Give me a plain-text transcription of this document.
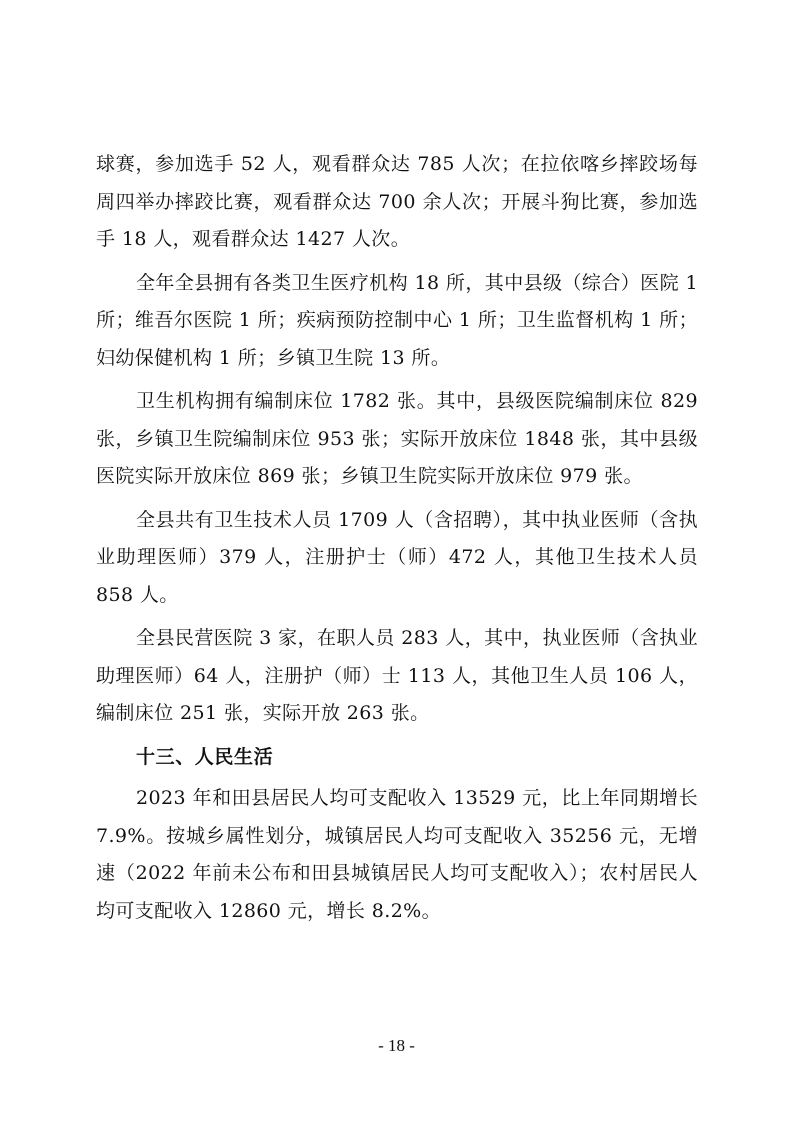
球赛，参加选手 52 人，观看群众达 785 人次；在拉依喀乡摔跤场每周四举办摔跤比赛，观看群众达 700 余人次；开展斗狗比赛，参加选手 18 人，观看群众达 1427 人次。

全年全县拥有各类卫生医疗机构 18 所，其中县级（综合）医院 1 所；维吾尔医院 1 所；疾病预防控制中心 1 所；卫生监督机构 1 所；妇幼保健机构 1 所；乡镇卫生院 13 所。

卫生机构拥有编制床位 1782 张。其中，县级医院编制床位 829 张，乡镇卫生院编制床位 953 张；实际开放床位 1848 张，其中县级医院实际开放床位 869 张；乡镇卫生院实际开放床位 979 张。

全县共有卫生技术人员 1709 人（含招聘），其中执业医师（含执业助理医师）379 人，注册护士（师）472 人，其他卫生技术人员 858 人。

全县民营医院 3 家，在职人员 283 人，其中，执业医师（含执业助理医师）64 人，注册护（师）士 113 人，其他卫生人员 106 人，编制床位 251 张，实际开放 263 张。

十三、人民生活

2023 年和田县居民人均可支配收入 13529 元，比上年同期增长 7.9%。按城乡属性划分，城镇居民人均可支配收入 35256 元，无增速（2022 年前未公布和田县城镇居民人均可支配收入）；农村居民人均可支配收入 12860 元，增长 8.2%。

- 18 -
